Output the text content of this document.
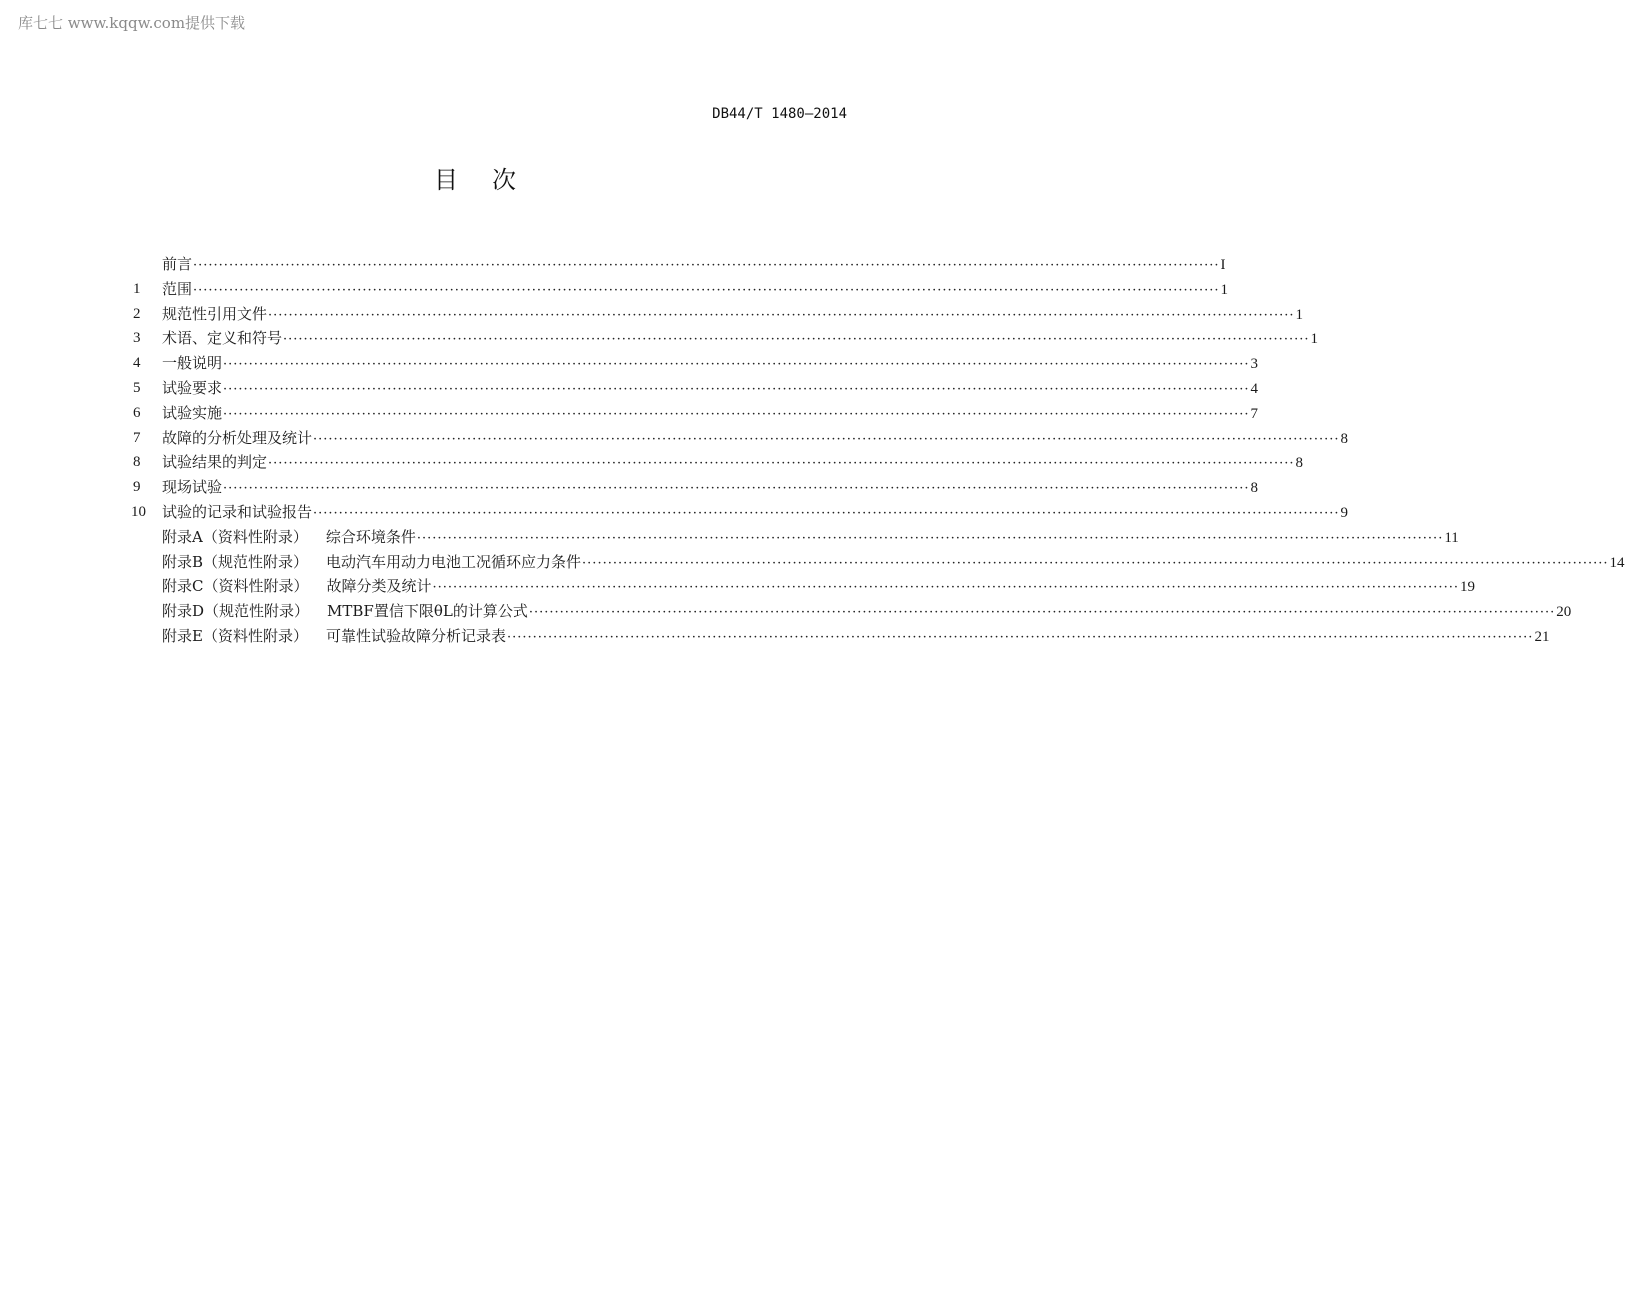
库七七 www.kqqw.com提供下载
DB44/T 1480—2014
目次
前言 ········································································································································································································ I
1	范围 ········································································································································································································ 1
2	规范性引用文件 ········································································································································································································ 1
3	术语、定义和符号 ········································································································································································································ 1
4	一般说明 ········································································································································································································ 3
5	试验要求 ········································································································································································································ 4
6	试验实施 ········································································································································································································ 7
7	故障的分析处理及统计 ········································································································································································································ 8
8	试验结果的判定 ········································································································································································································ 8
9	现场试验 ········································································································································································································ 8
10	试验的记录和试验报告 ········································································································································································································ 9
附录A（资料性附录） 综合环境条件 ········································································································································································································ 11
附录B（规范性附录） 电动汽车用动力电池工况循环应力条件 ········································································································································································································ 14
附录C（资料性附录） 故障分类及统计 ········································································································································································································ 19
附录D（规范性附录） MTBF置信下限θL的计算公式 ········································································································································································································ 20
附录E（资料性附录） 可靠性试验故障分析记录表 ········································································································································································································ 21
